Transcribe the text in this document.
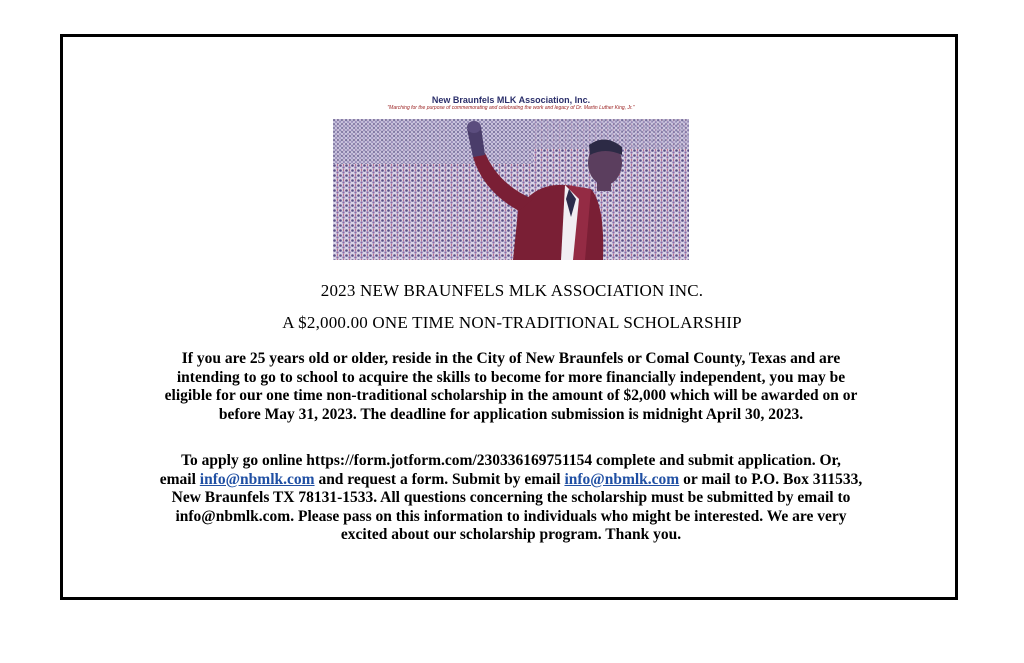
New Braunfels MLK Association, Inc.
"Marching for the purpose of commemorating and celebrating the work and legacy of Dr. Martin Luther King, Jr."
2023 NEW BRAUNFELS MLK ASSOCIATION INC.
A $2,000.00 ONE TIME NON-TRADITIONAL SCHOLARSHIP
If you are 25 years old or older, reside in the City of New Braunfels or Comal County, Texas and are
intending to go to school to acquire the skills to become for more financially independent, you may be
eligible for our one time non-traditional scholarship in the amount of $2,000 which will be awarded on or
before May 31, 2023. The deadline for application submission is midnight April 30, 2023.
To apply go online https://form.jotform.com/230336169751154 complete and submit application. Or,
email info@nbmlk.com and request a form. Submit by email info@nbmlk.com or mail to P.O. Box 311533,
New Braunfels TX 78131-1533. All questions concerning the scholarship must be submitted by email to
info@nbmlk.com. Please pass on this information to individuals who might be interested. We are very
excited about our scholarship program. Thank you.
